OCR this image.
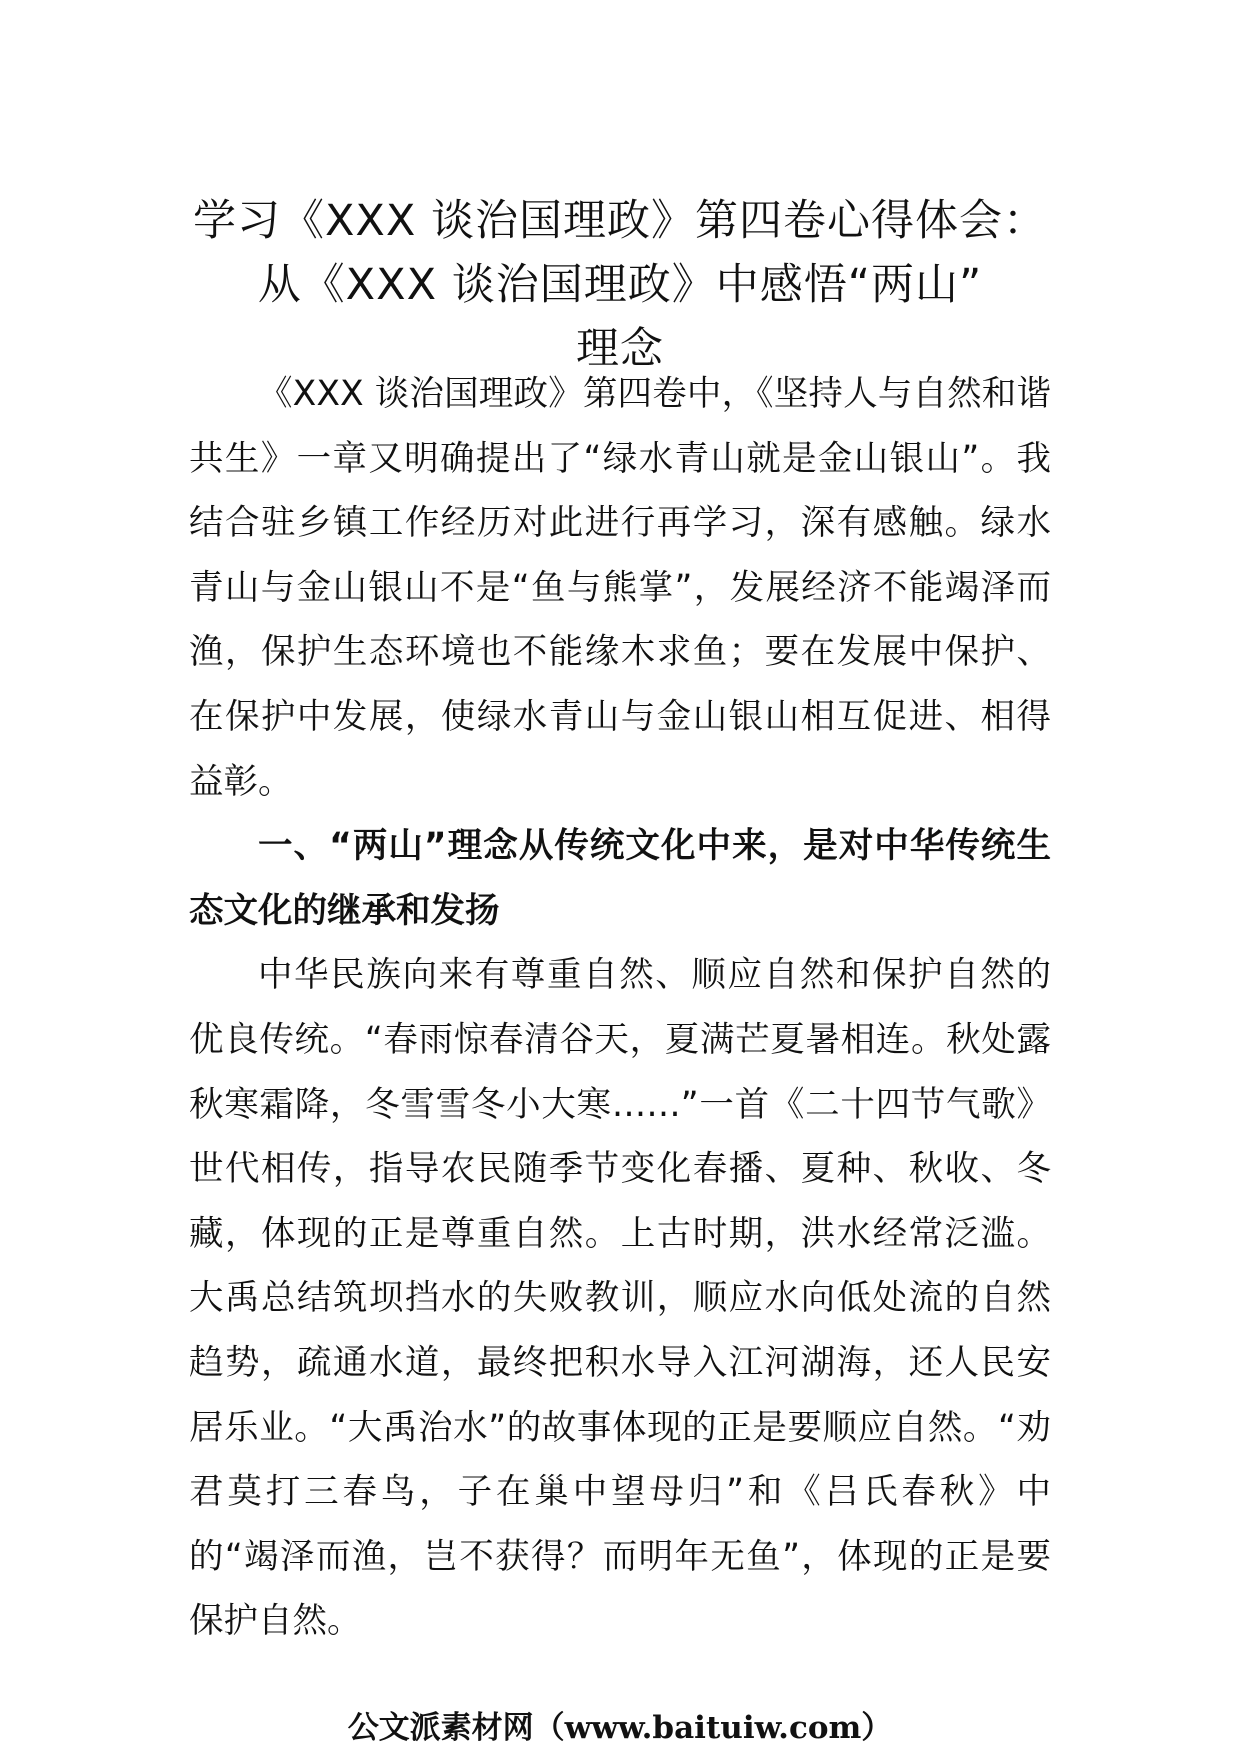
学习《XXX 谈治国理政》第四卷心得体会：
从《XXX 谈治国理政》中感悟“两山”
理念

《XXX 谈治国理政》第四卷中，《坚持人与自然和谐共生》一章又明确提出了“绿水青山就是金山银山”。我结合驻乡镇工作经历对此进行再学习，深有感触。绿水青山与金山银山不是“鱼与熊掌”，发展经济不能竭泽而渔，保护生态环境也不能缘木求鱼；要在发展中保护、在保护中发展，使绿水青山与金山银山相互促进、相得益彰。

一、“两山”理念从传统文化中来，是对中华传统生态文化的继承和发扬

中华民族向来有尊重自然、顺应自然和保护自然的优良传统。“春雨惊春清谷天，夏满芒夏暑相连。秋处露秋寒霜降，冬雪雪冬小大寒……”一首《二十四节气歌》世代相传，指导农民随季节变化春播、夏种、秋收、冬藏，体现的正是尊重自然。上古时期，洪水经常泛滥。大禹总结筑坝挡水的失败教训，顺应水向低处流的自然趋势，疏通水道，最终把积水导入江河湖海，还人民安居乐业。“大禹治水”的故事体现的正是要顺应自然。“劝君莫打三春鸟，子在巢中望母归”和《吕氏春秋》中的“竭泽而渔，岂不获得？而明年无鱼”，体现的正是要保护自然。

公文派素材网（www.baituiw.com）
